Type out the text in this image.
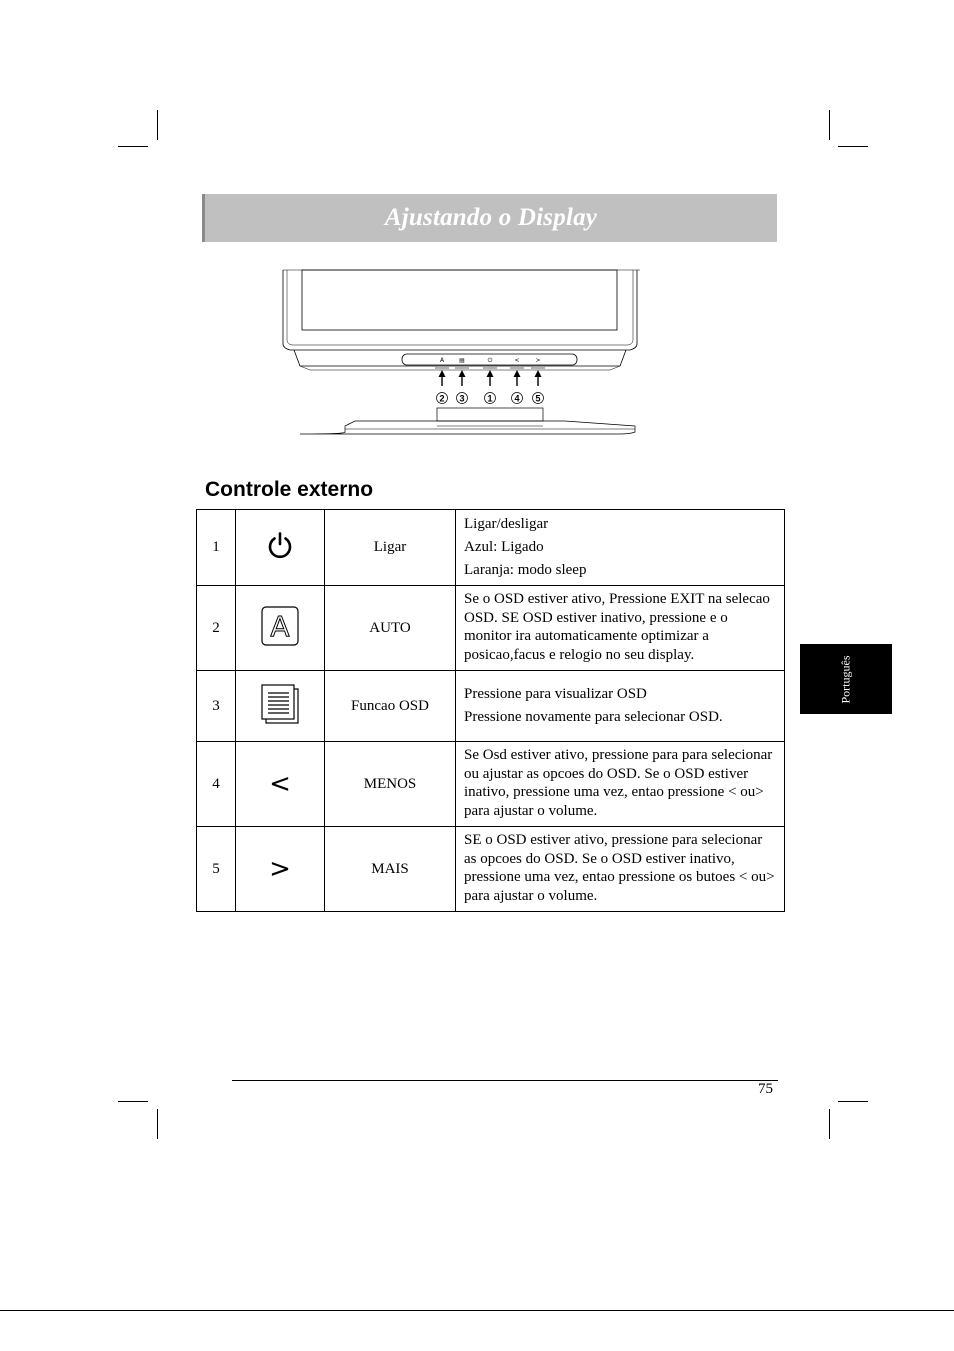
Ajustando o Display
A	▤	⏻	<	>
2 3	1 4 5
Controle externo
1		Ligar	Ligar/desligar

Azul: Ligado

Laranja: modo sleep

2	A	AUTO	Se o OSD estiver ativo, Pressione EXIT na selecao OSD. SE OSD estiver inativo, pressione e o monitor ira automaticamente optimizar a posicao,facus e relogio no seu display.

3		Funcao OSD	Pressione para visualizar OSD

Pressione novamente para selecionar OSD.

4	<	MENOS	Se Osd estiver ativo, pressione para para selecionar ou ajustar as opcoes do OSD. Se o OSD estiver inativo, pressione uma vez, entao pressione < ou> para ajustar o volume.

5	>	MAIS	SE o OSD estiver ativo, pressione para selecionar as opcoes do OSD. Se o OSD estiver inativo, pressione uma vez, entao pressione os butoes < ou> para ajustar o volume.

Português
75
